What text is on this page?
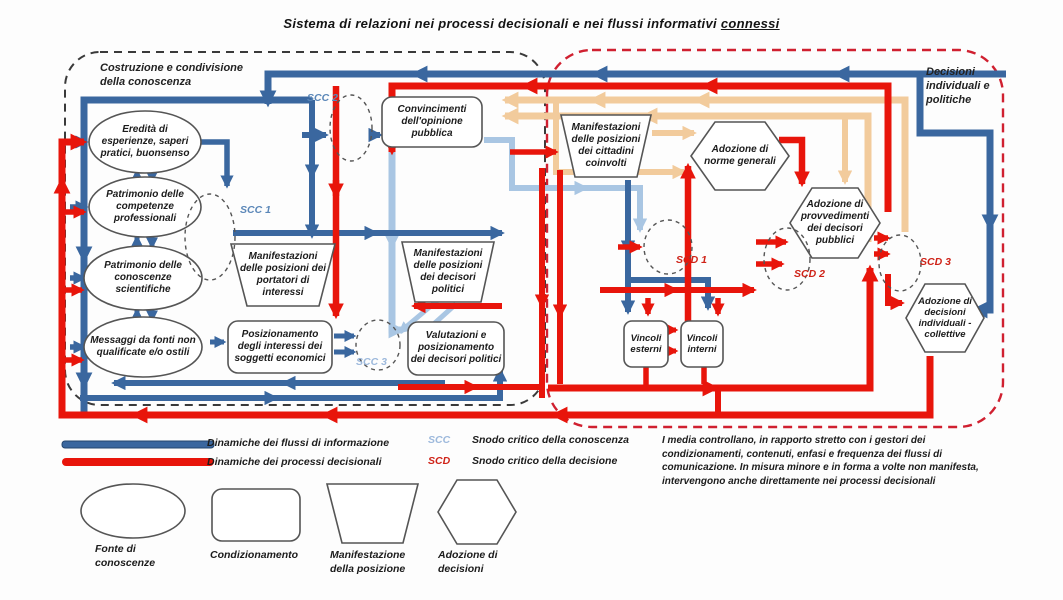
Sistema di relazioni nei processi decisionali e nei flussi informativi connessi
Costruzione e condivisione della conoscenza
Decisioni individuali e politiche
Eredità di esperienze, saperi pratici, buonsenso
Patrimonio delle competenze professionali
Patrimonio delle conoscenze scientifiche
Messaggi da fonti non qualificate e/o ostili
Convincimenti dell'opinione pubblica
Manifestazioni delle posizioni dei portatori di interessi
Posizionamento degli interessi dei soggetti economici
Manifestazioni delle posizioni dei decisori politici
Valutazioni e posizionamento dei decisori politici
Manifestazioni delle posizioni dei cittadini coinvolti
Adozione di norme generali
Adozione di provvedimenti dei decisori pubblici
Vincoli esterni
Vincoli interni
Adozione di decisioni individuali - collettive
SCC 1
SCC 2
SCC 3
SCD 1
SCD 2
SCD 3
Dinamiche dei flussi di informazione
Dinamiche dei processi decisionali
SCC Snodo critico della conoscenza
SCD Snodo critico della decisione
I media controllano, in rapporto stretto con i gestori dei condizionamenti, contenuti, enfasi e frequenza dei flussi di comunicazione. In misura minore e in forma a volte non manifesta, intervengono anche direttamente nei processi decisionali
Fonte di conoscenze
Condizionamento	Manifestazione della posizione
Adozione di decisioni
